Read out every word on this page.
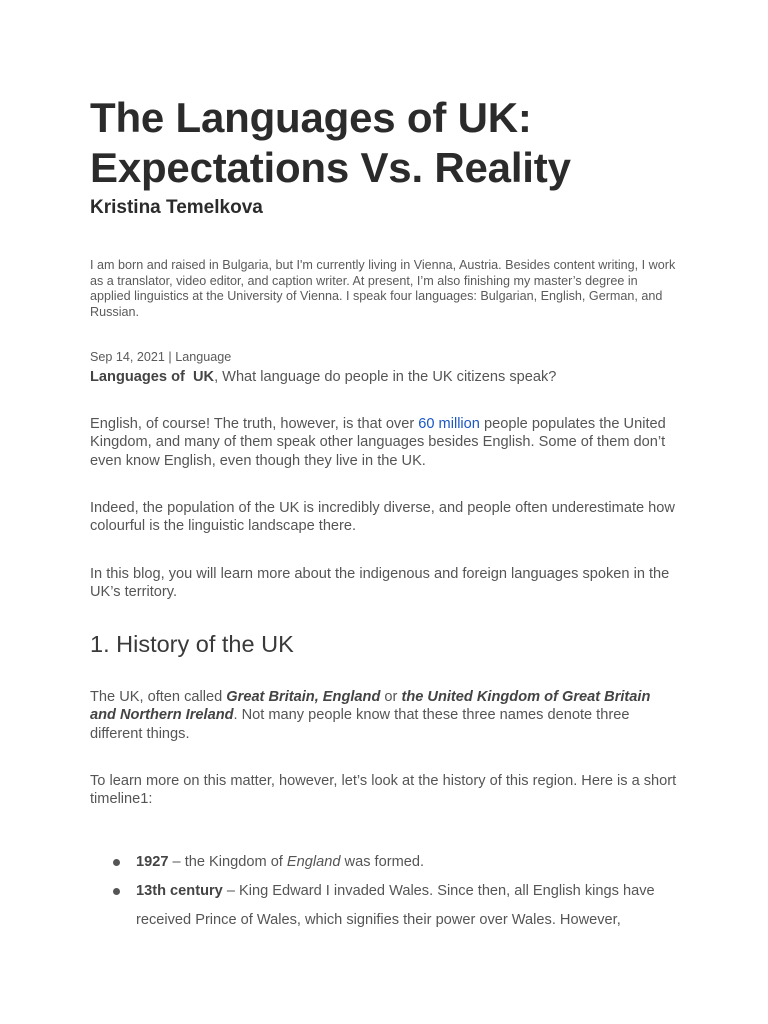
The Languages of UK:
Expectations Vs. Reality

Kristina Temelkova

I am born and raised in Bulgaria, but I'm currently living in Vienna, Austria. Besides content writing, I work as a translator, video editor, and caption writer. At present, I’m also finishing my master’s degree in applied linguistics at the University of Vienna. I speak four languages: Bulgarian, English, German, and Russian.

Sep 14, 2021 | Language

Languages of  UK, What language do people in the UK citizens speak?

English, of course! The truth, however, is that over 60 million people populates the United Kingdom, and many of them speak other languages besides English. Some of them don’t even know English, even though they live in the UK.

Indeed, the population of the UK is incredibly diverse, and people often underestimate how colourful is the linguistic landscape there.

In this blog, you will learn more about the indigenous and foreign languages spoken in the UK’s territory.

1. History of the UK

The UK, often called Great Britain, England or the United Kingdom of Great Britain and Northern Ireland. Not many people know that these three names denote three different things.

To learn more on this matter, however, let’s look at the history of this region. Here is a short timeline1:

1927 – the Kingdom of England was formed.
13th century – King Edward I invaded Wales. Since then, all English kings have received Prince of Wales, which signifies their power over Wales. However,
